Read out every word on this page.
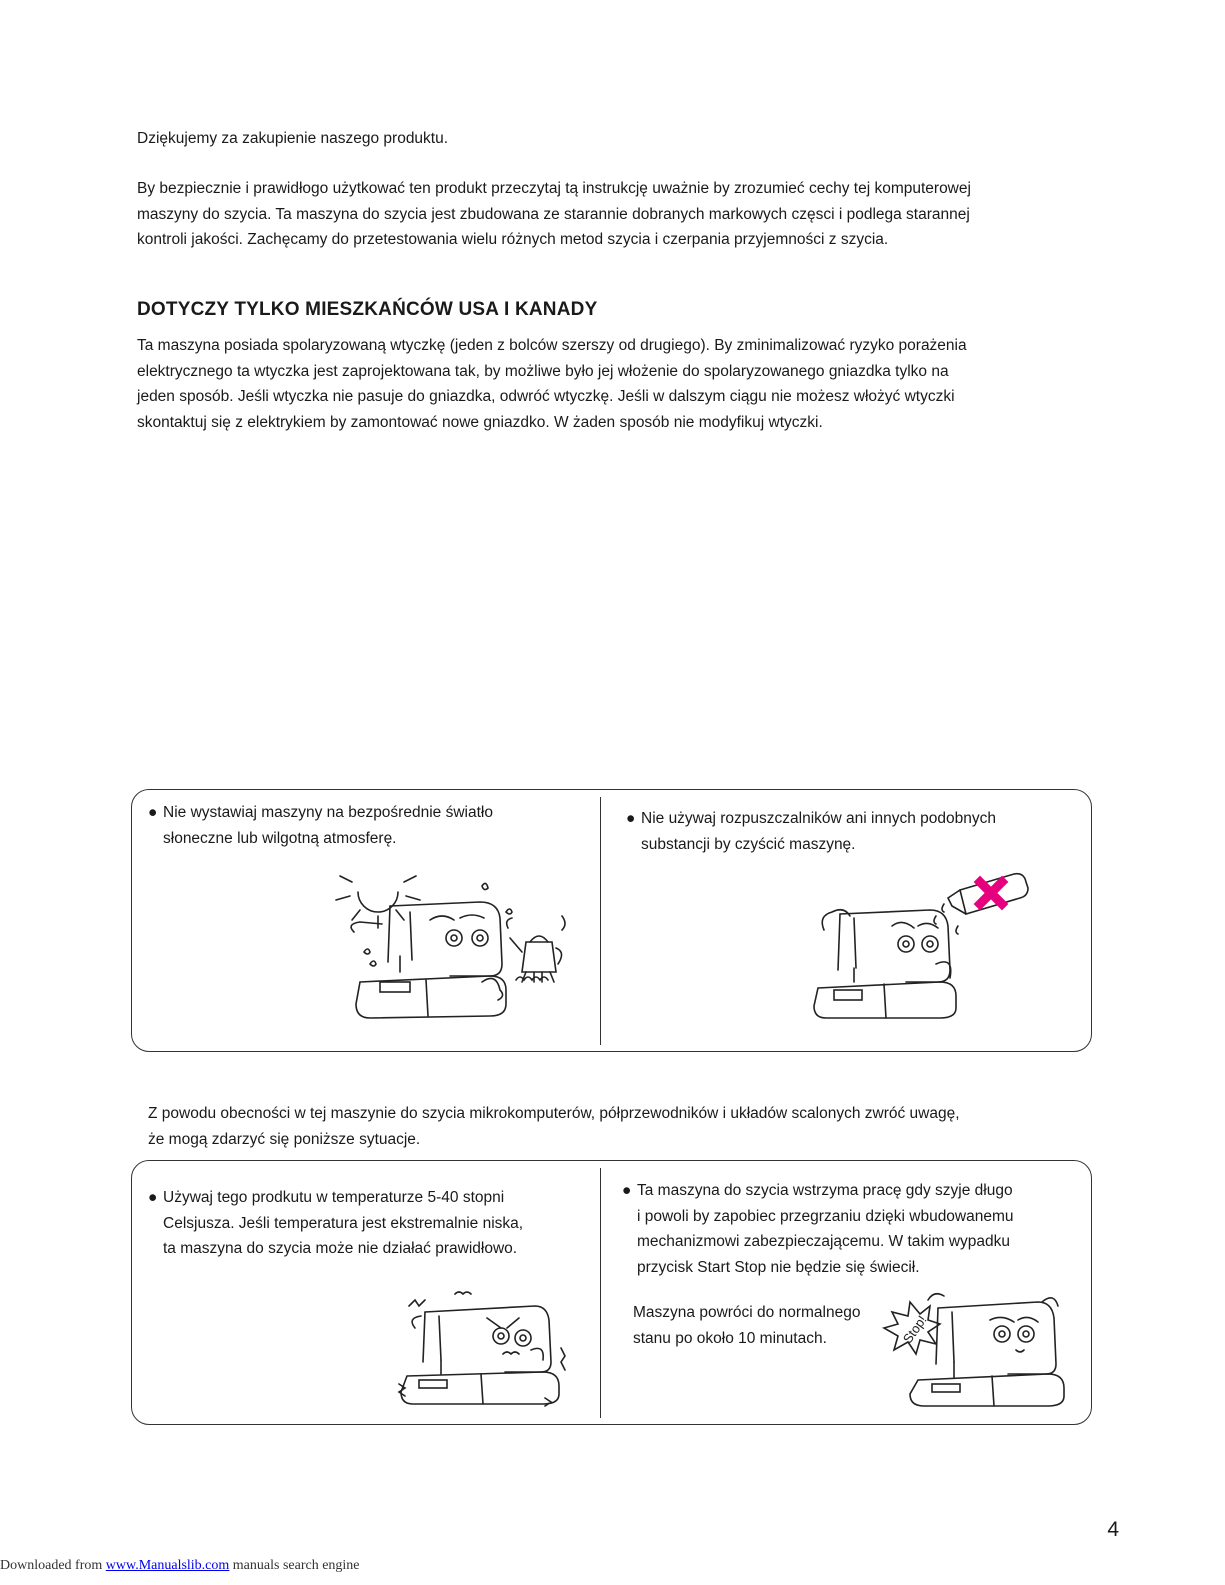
Dziękujemy za zakupienie naszego produktu.
By bezpiecznie i prawidłogo użytkować ten produkt przeczytaj tą instrukcję uważnie by zrozumieć cechy tej komputerowej
maszyny do szycia. Ta maszyna do szycia jest zbudowana ze starannie dobranych markowych częsci i podlega starannej
kontroli jakości. Zachęcamy do przetestowania wielu różnych metod szycia i czerpania przyjemności z szycia.
DOTYCZY TYLKO MIESZKAŃCÓW USA I KANADY
Ta maszyna posiada spolaryzowaną wtyczkę (jeden z bolców szerszy od drugiego). By zminimalizować ryzyko porażenia
elektrycznego ta wtyczka jest zaprojektowana tak, by możliwe było jej włożenie do spolaryzowanego gniazdka tylko na
jeden sposób. Jeśli wtyczka nie pasuje do gniazdka, odwróć wtyczkę. Jeśli w dalszym ciągu nie możesz włożyć wtyczki
skontaktuj się z elektrykiem by zamontować nowe gniazdko. W żaden sposób nie modyfikuj wtyczki.
● Nie wystawiaj maszyny na bezpośrednie światło
słoneczne lub wilgotną atmosferę.
● Nie używaj rozpuszczalników ani innych podobnych
substancji by czyścić maszynę.
Z powodu obecności w tej maszynie do szycia mikrokomputerów, półprzewodników i układów scalonych zwróć uwagę,
że mogą zdarzyć się poniższe sytuacje.
● Używaj tego prodkutu w temperaturze 5-40 stopni
Celsjusza. Jeśli temperatura jest ekstremalnie niska,
ta maszyna do szycia może nie działać prawidłowo.
● Ta maszyna do szycia wstrzyma pracę gdy szyje długo
i powoli by zapobiec przegrzaniu dzięki wbudowanemu
mechanizmowi zabezpieczającemu. W takim wypadku
przycisk Start Stop nie będzie się świecił.
Maszyna powróci do normalnego
stanu po około 10 minutach.	Stop!
4
Downloaded from www.Manualslib.com manuals search engine
